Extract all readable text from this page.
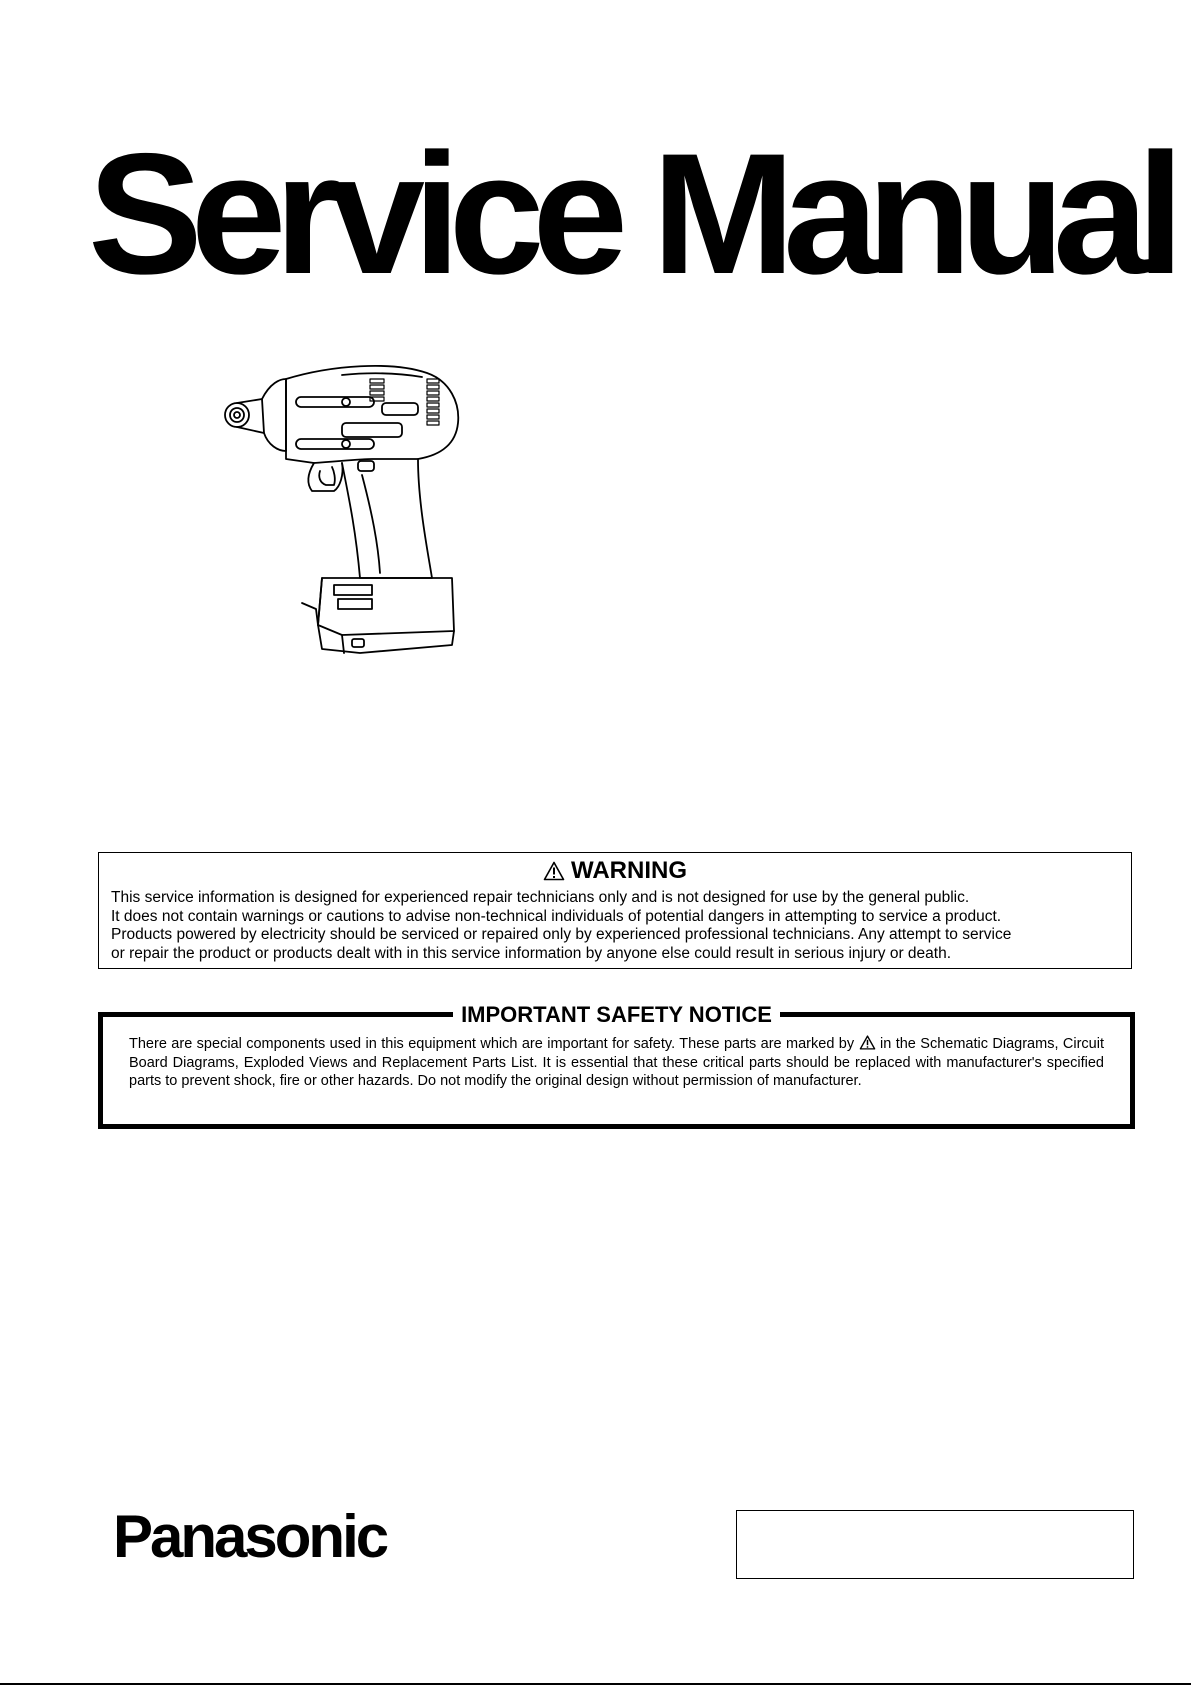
Service Manual
WARNING
This service information is designed for experienced repair technicians only and is not designed for use by the general public.
It does not contain warnings or cautions to advise non-technical individuals of potential dangers in attempting to service a product.
Products powered by electricity should be serviced or repaired only by experienced professional technicians. Any attempt to service
or repair the product or products dealt with in this service information by anyone else could result in serious injury or death.
IMPORTANT SAFETY NOTICE
There are special components used in this equipment which are important for safety. These parts are marked by in the Schematic Diagrams, Circuit Board Diagrams, Exploded Views and Replacement Parts List. It is essential that these critical parts should be replaced with manufacturer's specified parts to prevent shock, fire or other hazards. Do not modify the original design without permission of manufacturer.
Panasonic
